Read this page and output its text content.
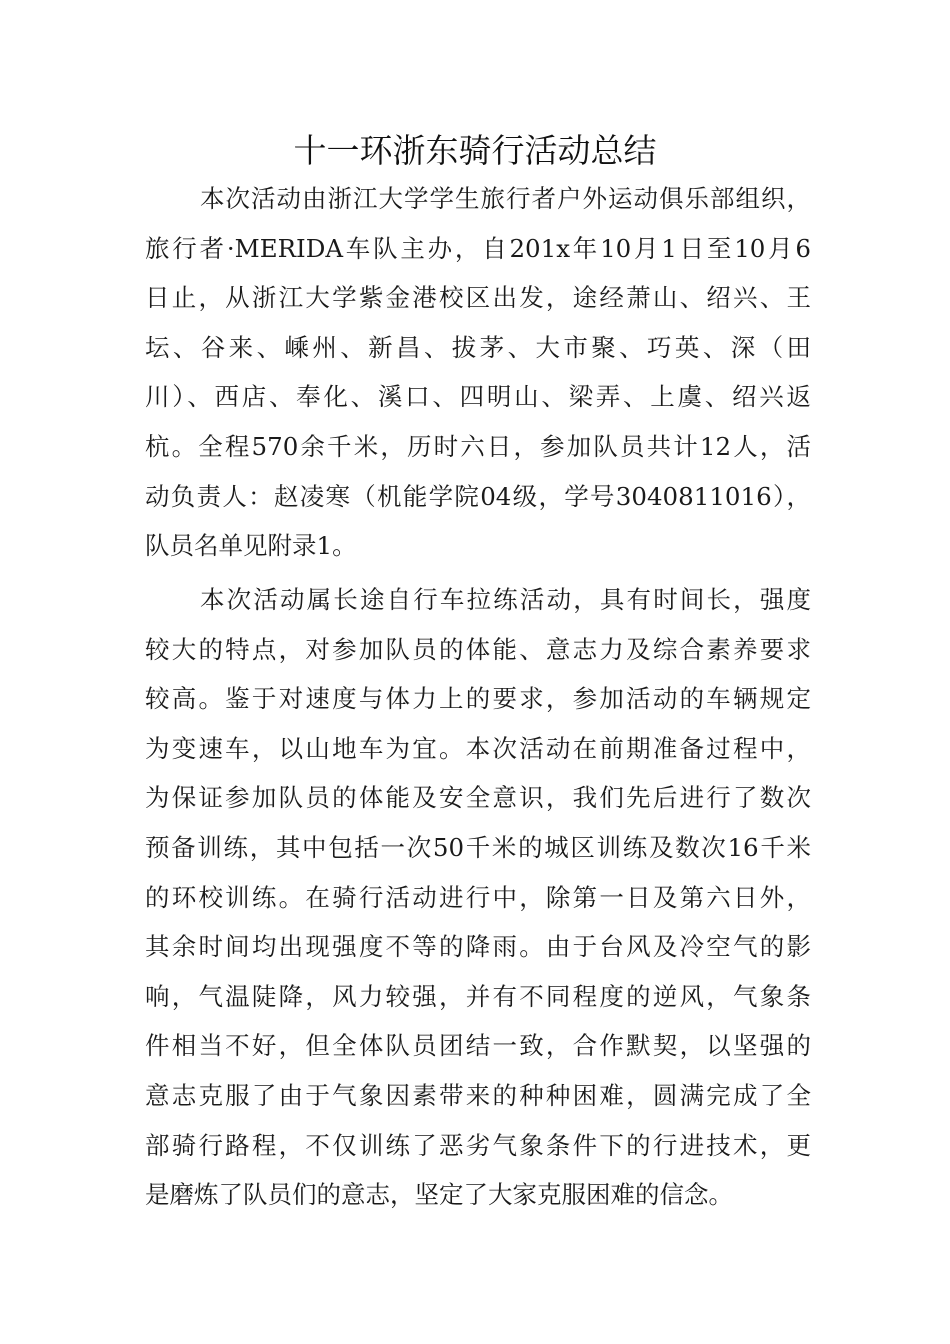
十一环浙东骑行活动总结
本次活动由浙江大学学生旅行者户外运动俱乐部组织，
旅行者·MERIDA车队主办，自201x年10月1日至10月6
日止，从浙江大学紫金港校区出发，途经萧山、绍兴、王
坛、谷来、嵊州、新昌、拔茅、大市聚、巧英、深（田
川）、西店、奉化、溪口、四明山、梁弄、上虞、绍兴返
杭。全程570余千米，历时六日，参加队员共计12人，活
动负责人：赵凌寒（机能学院04级，学号3040811016），
队员名单见附录1。
本次活动属长途自行车拉练活动，具有时间长，强度
较大的特点，对参加队员的体能、意志力及综合素养要求
较高。鉴于对速度与体力上的要求，参加活动的车辆规定
为变速车，以山地车为宜。本次活动在前期准备过程中，
为保证参加队员的体能及安全意识，我们先后进行了数次
预备训练，其中包括一次50千米的城区训练及数次16千米
的环校训练。在骑行活动进行中，除第一日及第六日外，
其余时间均出现强度不等的降雨。由于台风及冷空气的影
响，气温陡降，风力较强，并有不同程度的逆风，气象条
件相当不好，但全体队员团结一致，合作默契，以坚强的
意志克服了由于气象因素带来的种种困难，圆满完成了全
部骑行路程，不仅训练了恶劣气象条件下的行进技术，更
是磨炼了队员们的意志，坚定了大家克服困难的信念。
